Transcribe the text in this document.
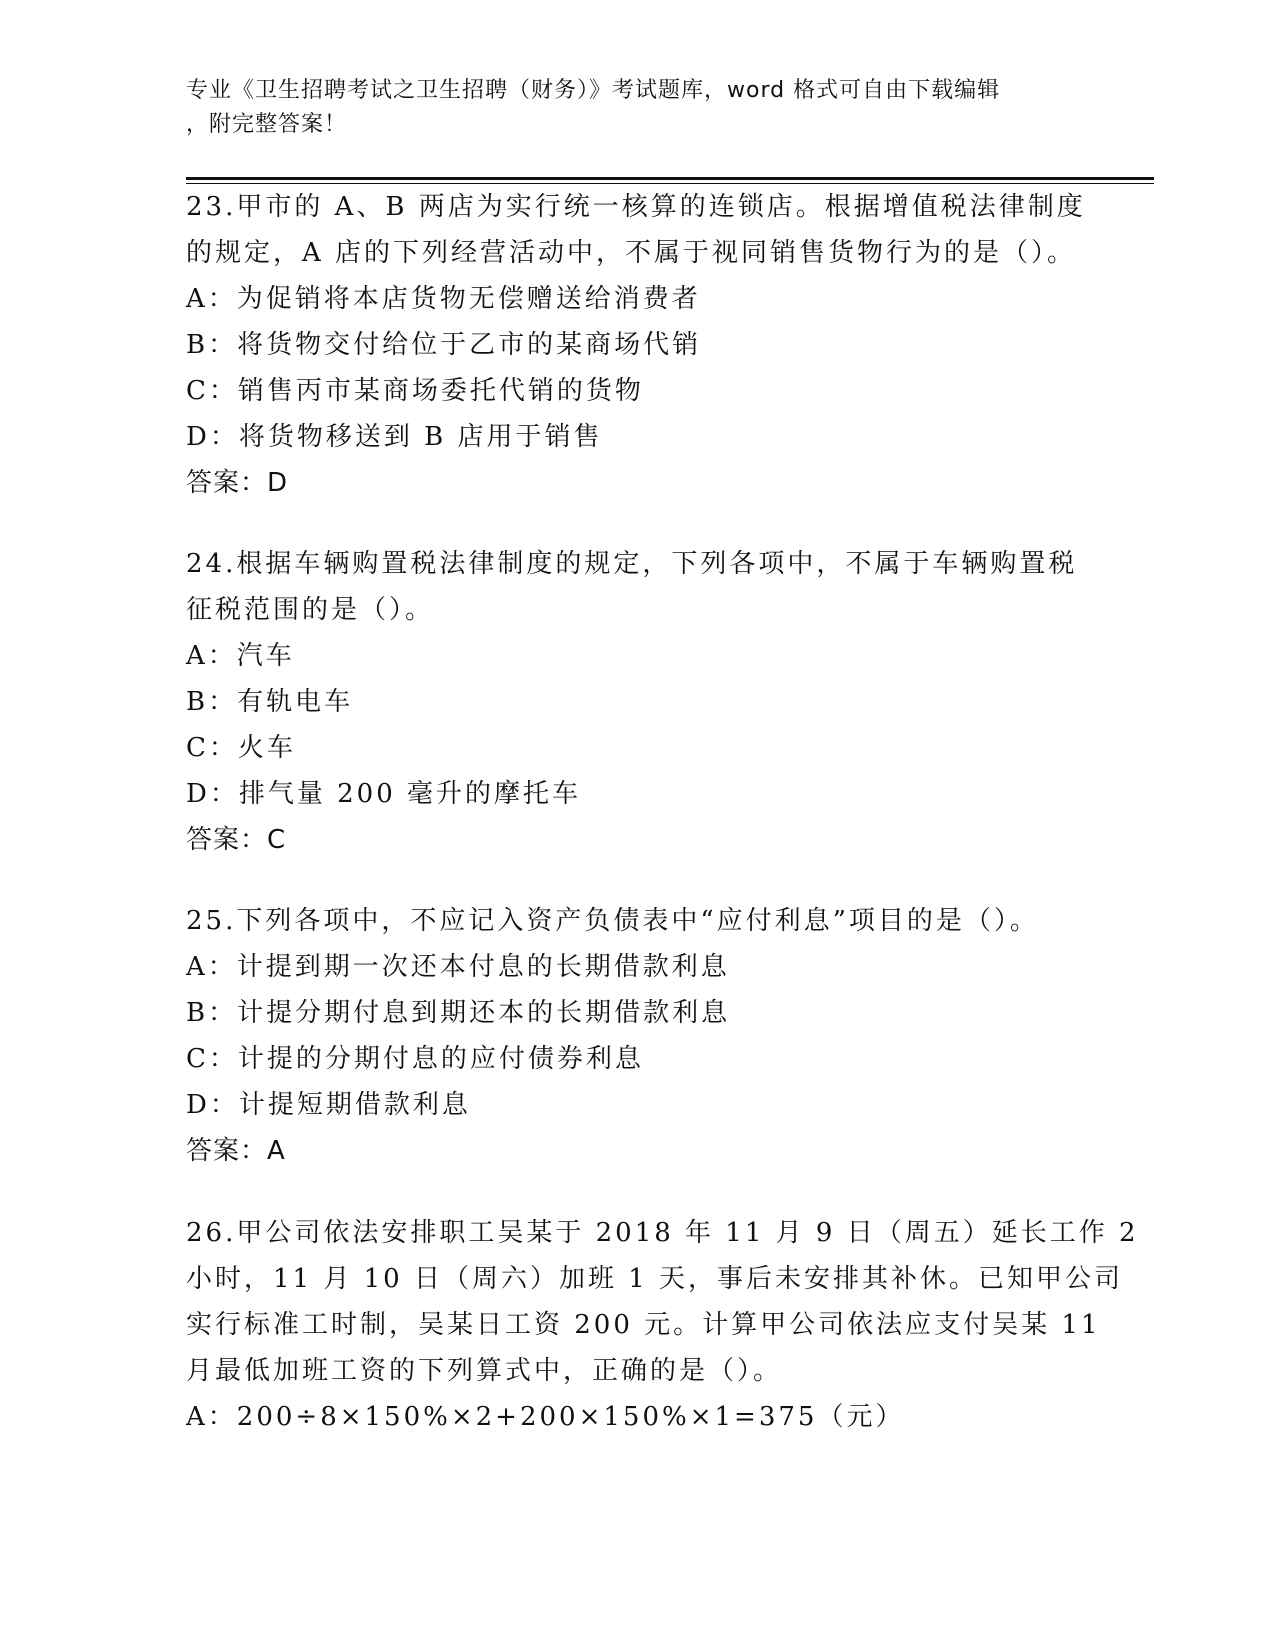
专业《卫生招聘考试之卫生招聘（财务）》考试题库，word 格式可自由下载编辑
，附完整答案！
23.甲市的 A、B 两店为实行统一核算的连锁店。根据增值税法律制度
的规定，A 店的下列经营活动中，不属于视同销售货物行为的是（）。
A：为促销将本店货物无偿赠送给消费者
B：将货物交付给位于乙市的某商场代销
C：销售丙市某商场委托代销的货物
D：将货物移送到 B 店用于销售
答案：D
24.根据车辆购置税法律制度的规定，下列各项中，不属于车辆购置税
征税范围的是（）。
A：汽车
B：有轨电车
C：火车
D：排气量 200 毫升的摩托车
答案：C
25.下列各项中，不应记入资产负债表中“应付利息”项目的是（）。
A：计提到期一次还本付息的长期借款利息
B：计提分期付息到期还本的长期借款利息
C：计提的分期付息的应付债券利息
D：计提短期借款利息
答案：A
26.甲公司依法安排职工吴某于 2018 年 11 月 9 日（周五）延长工作 2
小时，11 月 10 日（周六）加班 1 天，事后未安排其补休。已知甲公司
实行标准工时制，吴某日工资 200 元。计算甲公司依法应支付吴某 11
月最低加班工资的下列算式中，正确的是（）。
A：200÷8×150%×2+200×150%×1=375（元）
